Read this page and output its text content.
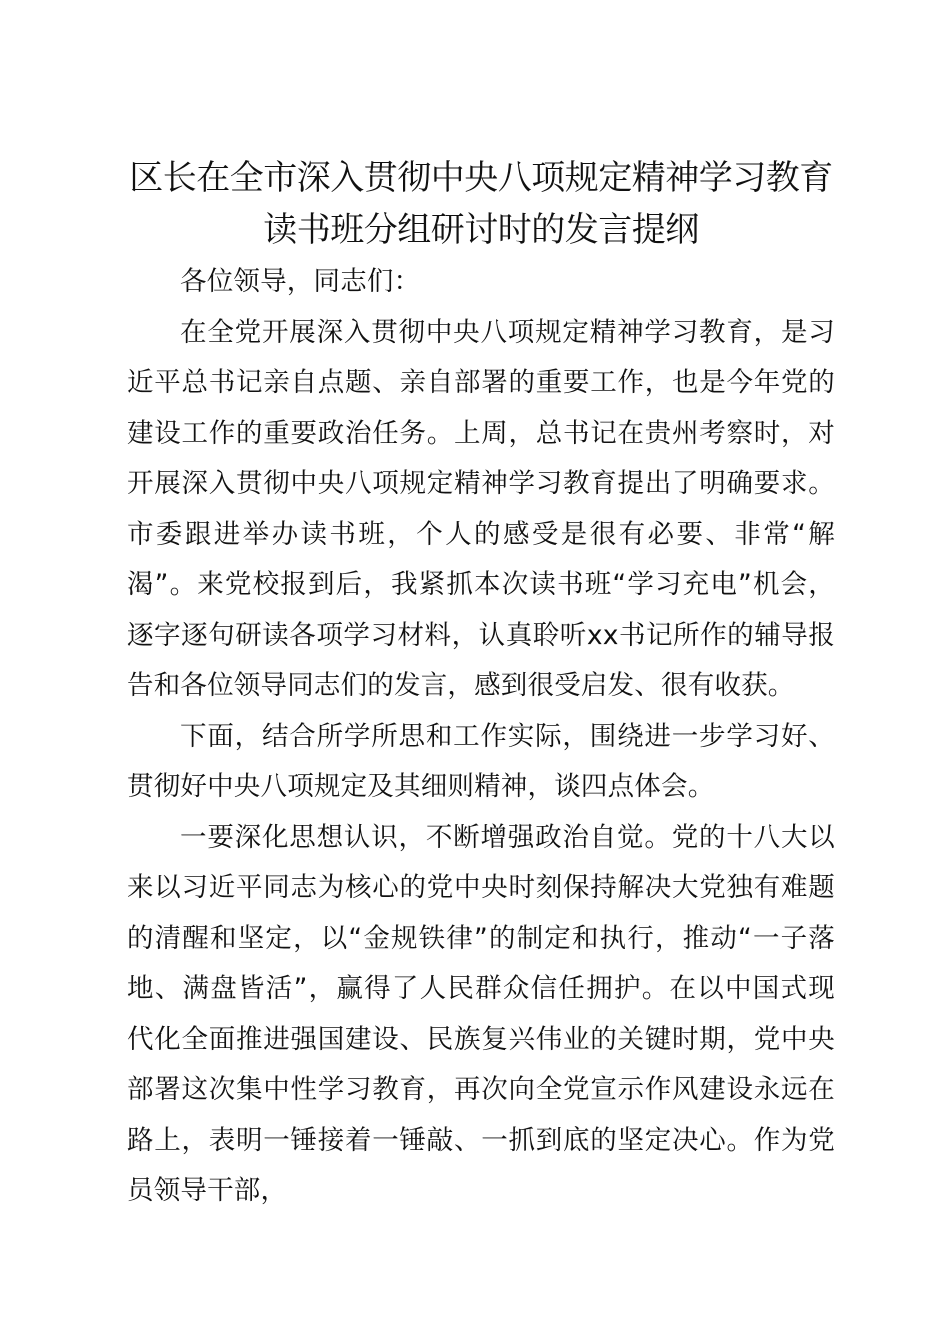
区长在全市深入贯彻中央八项规定精神学习教育读书班分组研讨时的发言提纲

各位领导，同志们：

在全党开展深入贯彻中央八项规定精神学习教育，是习近平总书记亲自点题、亲自部署的重要工作，也是今年党的建设工作的重要政治任务。上周，总书记在贵州考察时，对开展深入贯彻中央八项规定精神学习教育提出了明确要求。市委跟进举办读书班，个人的感受是很有必要、非常“解渴”。来党校报到后，我紧抓本次读书班“学习充电”机会，逐字逐句研读各项学习材料，认真聆听xx书记所作的辅导报告和各位领导同志们的发言，感到很受启发、很有收获。

下面，结合所学所思和工作实际，围绕进一步学习好、贯彻好中央八项规定及其细则精神，谈四点体会。

一要深化思想认识，不断增强政治自觉。党的十八大以来以习近平同志为核心的党中央时刻保持解决大党独有难题的清醒和坚定，以“金规铁律”的制定和执行，推动“一子落地、满盘皆活”，赢得了人民群众信任拥护。在以中国式现代化全面推进强国建设、民族复兴伟业的关键时期，党中央部署这次集中性学习教育，再次向全党宣示作风建设永远在路上，表明一锤接着一锤敲、一抓到底的坚定决心。作为党员领导干部，
